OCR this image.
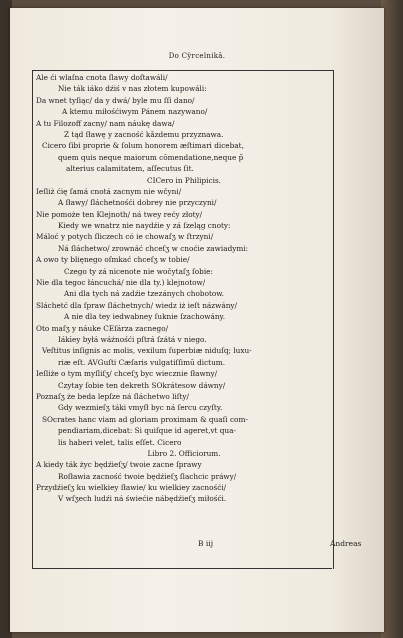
Do Cÿrcelnikâ.
Ale ći wlaſna cnota ſlawy doſtawáli/
Nie ták iáko dźiś v nas złotem kupowáli:
Da wnet tyſiąc/ da y dwá/ byle mu ſſi dano/
A ktemu miłośćiwym Pánem nazywano/
A tu Filozoff zacny/ nam náukę dawa/
Z tąd ſławę y zacność kǎzdemu przyznawa.
Cicero ſibi proprie & ſolum honorem æſtimari dicebat,
quem quis neque maiorum cōmendatione,neque p̃
alterius calamitatem, aſſecutus ſit.
CICero in Philipicis.
Ieſliż ćię ſamá cnotá zacnym nie wčyni/
A ſławy/ ſláchetnośći dobrey nie przyczyni/
Nie pomoże ten Klejnoth/ ná twey rećy złoty/
Kiedy we wnatrz nie naydźie y zá ſzeląg cnoty:
Máloć y potych ſliczech có ie chowaſʒ w ſtrzyni/
Ná ſláchetwo/ zrownáć chceſʒ w cnoćie zawiadymi:
A owo ty blięnego oſmkać chceſʒ w tobie/
Czego ty zá nicenote nie wočytaſʒ ſobie:
Nie dla tegoc łáncuchá/ nie dla ty.) klejnotow/
Ani dla tych ná zadźie tzezánych chobotow.
Sláchetć dla ſpraw ſláchetnych/ wiedz iż ieſt názwány/
A nie dla tey iedwabney ſuknie ſzachowány.
Oto maſʒ y náuke CEſárza zacnego/
Iáki̇ey byłá wáżnośći pſtrá ſzátá v niego.
Veſtitus inſignis ac molis, vexilum ſuperbiæ niduſq; luxu-
riæ eſt. AVGuſti Cæſaris vulgatiſſimū dictum.
Ieſliże o tym myſliſʒ/ chceſʒ byc wiecznie ſławny/
Czytay ſobie ten dekreth SOkrátesow dáwny/
Poznaſʒ że beda lepſze ná ſláchetwo liſty/
Gdy wezmieſʒ táki vmyſł byc ná ſercu czyſty.
SOcrates hanc viam ad gloriam proximam & quaſi com-
pendiariam,dicebat: Si quiſque id ageret,vt qua-
lis haberi velet, talis eſſet. Cicero
Libro 2. Officiorum.
A kiedy ták życ będźieſʒ/ twoie zacne ſprawy
Roſławia zacność twoie będźieſʒ ſlachcic práwy/
Przydźieſʒ ku wielkiey ſławie/ ku wielkiey zacnośći/
V wſʒech ludźi ná świećie nábędźieſʒ miłośći.
B iij	Andreas
